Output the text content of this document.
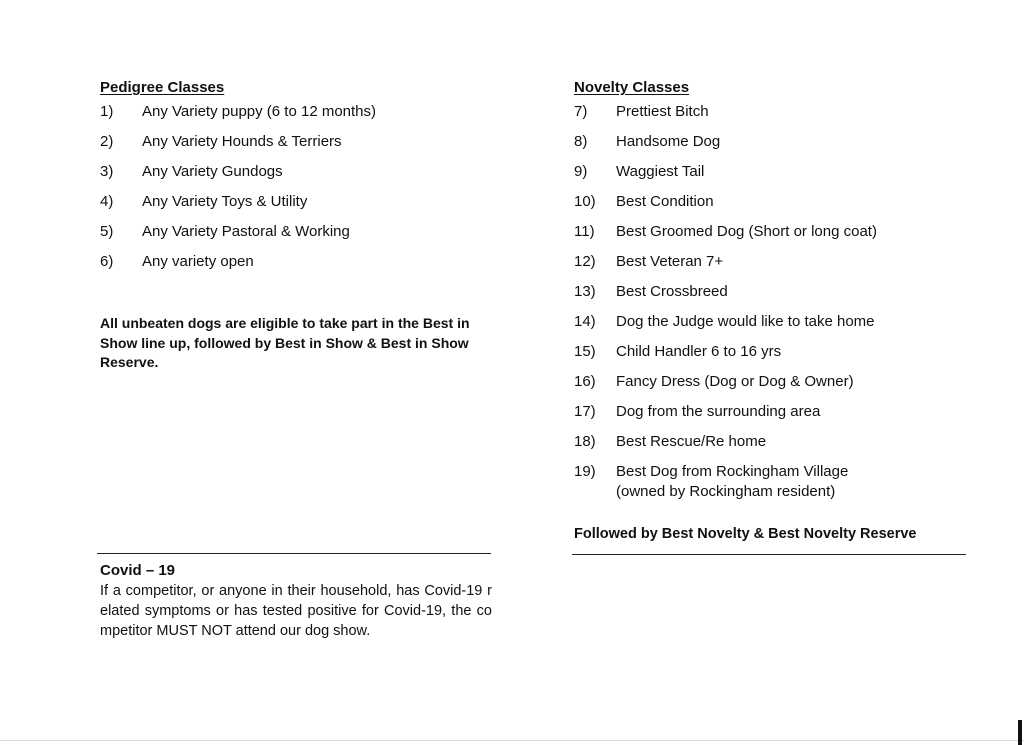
Pedigree Classes
1)	Any Variety puppy (6 to 12 months)
2)	Any Variety Hounds & Terriers
3)	Any Variety Gundogs
4)	Any Variety Toys & Utility
5)	Any Variety Pastoral & Working
6)	Any variety open
All unbeaten dogs are eligible to take part in the Best in Show line up, followed by Best in Show & Best in Show Reserve.
Novelty Classes
7)	Prettiest Bitch
8)	Handsome Dog
9)	Waggiest Tail
10)	Best Condition
11)	Best Groomed Dog (Short or long coat)
12)	Best Veteran 7+
13)	Best Crossbreed
14)	Dog the Judge would like to take home
15)	Child Handler 6 to 16 yrs
16)	Fancy Dress (Dog or Dog & Owner)
17)	Dog from the surrounding area
18)	Best Rescue/Re home
19)	Best Dog from Rockingham Village
(owned by Rockingham resident)
Followed by Best Novelty & Best Novelty Reserve
Covid – 19
If a competitor, or anyone in their household, has Covid-19 related symptoms or has tested positive for Covid-19, the competitor MUST NOT attend our dog show.
